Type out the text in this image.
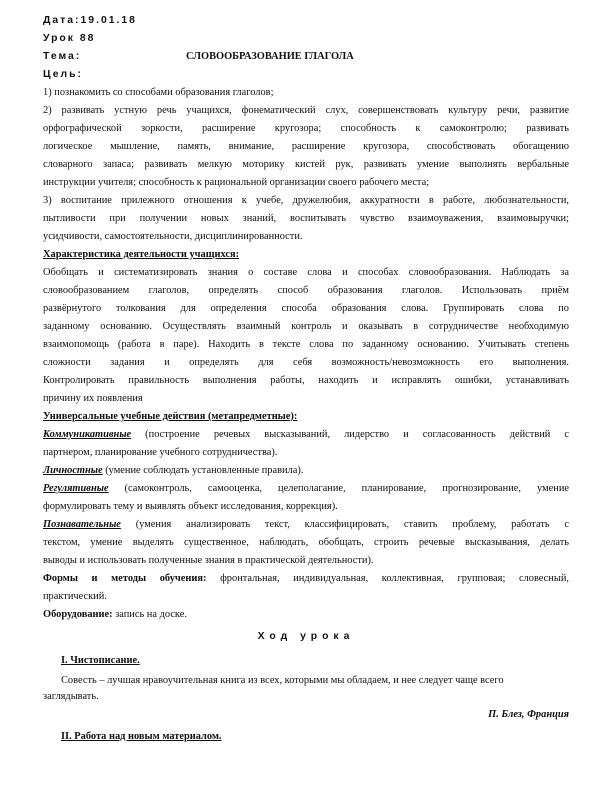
Дата:19.01.18

Урок 88

Тема:	СЛОВООБРАЗОВАНИЕ ГЛАГОЛА

Цель:

1) познакомить со способами образования глаголов;

2) развивать устную речь учащихся, фонематический слух, совершенствовать культуру речи, развитие

орфографической зоркости, расширение кругозора; способность к самоконтролю; развивать

логическое мышление, память, внимание, расширение кругозора, способствовать обогащению

словарного запаса; развивать мелкую моторику кистей рук, развивать умение выполнять вербальные

инструкции учителя; способность к рациональной организации своего рабочего места;

3) воспитание прилежного отношения к учебе, дружелюбия, аккуратности в работе, любознательности,

пытливости при получении новых знаний, воспитывать чувство взаимоуважения, взаимовыручки;

усидчивости, самостоятельности, дисциплинированности.

Характеристика деятельности учащихся:

Обобщать и систематизировать знания о составе слова и способах словообразования. Наблюдать за

словообразованием глаголов, определять способ образования глаголов. Использовать приём

развёрнутого толкования для определения способа образования слова. Группировать слова по

заданному основанию. Осуществлять взаимный контроль и оказывать в сотрудничестве необходимую

взаимопомощь (работа в паре). Находить в тексте слова по заданному основанию. Учитывать степень

сложности задания и определять для себя возможность/невозможность его выполнения.

Контролировать правильность выполнения работы, находить и исправлять ошибки, устанавливать

причину их появления

Универсальные учебные действия (метапредметные):

Коммуникативные (построение речевых высказываний, лидерство и согласованность действий с

партнером, планирование учебного сотрудничества).

Личностные (умение соблюдать установленные правила).

Регулятивные (самоконтроль, самооценка, целеполагание, планирование, прогнозирование, умение

формулировать тему и выявлять объект исследования, коррекция).

Познавательные (умения анализировать текст, классифицировать, ставить проблему, работать с

текстом, умение выделять существенное, наблюдать, обобщать, строить речевые высказывания, делать

выводы и использовать полученные знания в практической деятельности).

Формы и методы обучения: фронтальная, индивидуальная, коллективная, групповая; словесный,

практический.

Оборудование: запись на доске.

Ход урока

I. Чистописание.

Совесть – лучшая нравоучительная книга из всех, которыми мы обладаем, и нее следует чаще всего

заглядывать.

П. Блез, Франция

II. Работа над новым материалом.
